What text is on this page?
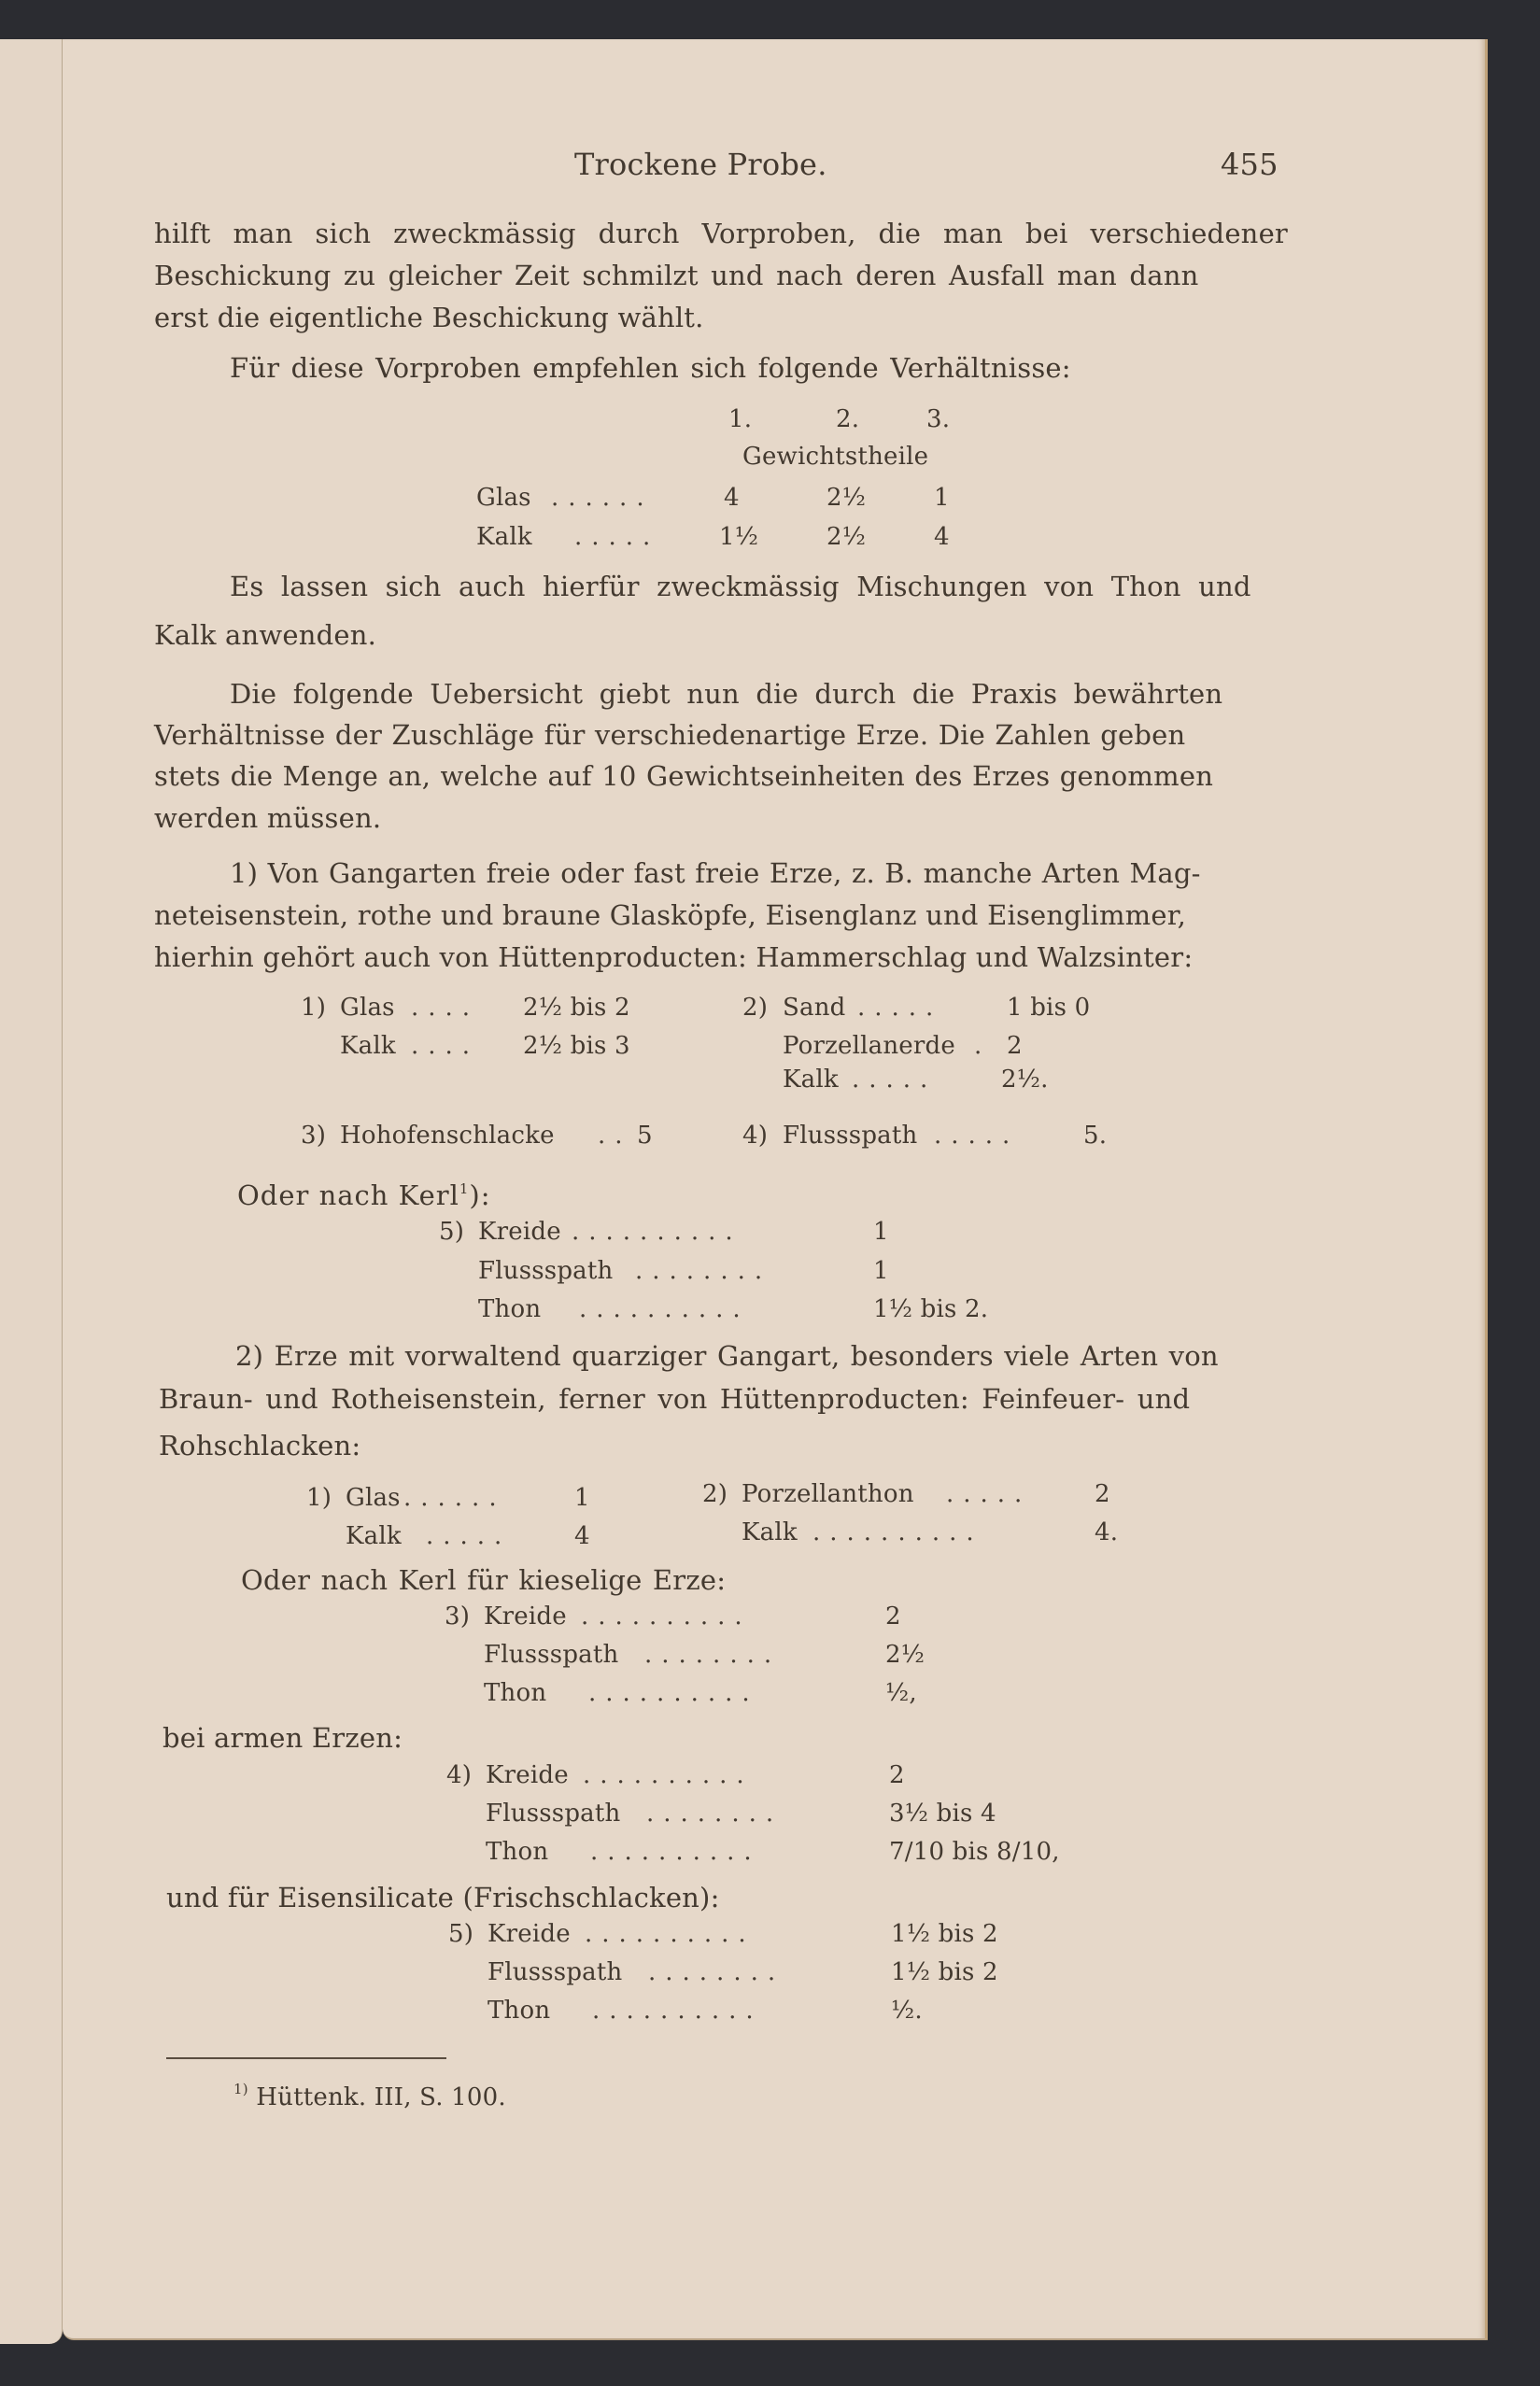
Trockene Probe.	455
hilft man sich zweckmässig durch Vorproben, die man bei verschiedener
Beschickung zu gleicher Zeit schmilzt und nach deren Ausfall man dann
erst die eigentliche Beschickung wählt.
Für diese Vorproben empfehlen sich folgende Verhältnisse:
1.	2.	3.
Gewichtstheile
Glas ......	4	2½	1
Kalk ..... 1½	2½	4
Es lassen sich auch hierfür zweckmässig Mischungen von Thon und
Kalk anwenden.
Die folgende Uebersicht giebt nun die durch die Praxis bewährten
Verhältnisse der Zuschläge für verschiedenartige Erze. Die Zahlen geben
stets die Menge an, welche auf 10 Gewichtseinheiten des Erzes genommen
werden müssen.
1) Von Gangarten freie oder fast freie Erze, z. B. manche Arten Mag-
neteisenstein, rothe und braune Glasköpfe, Eisenglanz und Eisenglimmer,
hierhin gehört auch von Hüttenproducten: Hammerschlag und Walzsinter:
1) Glas .... 2½ bis 2
Kalk .... 2½ bis 3
2) Sand .....	1 bis 0
Porzellanerde . 2
Kalk .....	2½.
3) Hohofenschlacke .. 5	4) Flussspath .....	5.
Oder nach Kerl$^1$):
5) Kreide ..........	1
Flussspath ........	1
Thon ..........	1½ bis 2.
2) Erze mit vorwaltend quarziger Gangart, besonders viele Arten von
Braun- und Rotheisenstein, ferner von Hüttenproducten: Feinfeuer- und
Rohschlacken:
1) Glas ......	1
Kalk .....	4
2) Porzellanthon .....	2
Kalk ..........	4.
Oder nach Kerl für kieselige Erze:
3) Kreide ..........	2
Flussspath ........	2½
Thon ..........	½,
bei armen Erzen:
4) Kreide ..........	2
Flussspath ........	3½ bis 4
Thon ..........	7/10 bis 8/10,
und für Eisensilicate (Frischschlacken):
5) Kreide ..........	1½ bis 2
Flussspath ........	1½ bis 2
Thon ..........	½.
$^{1)}$ Hüttenk. III, S. 100.
